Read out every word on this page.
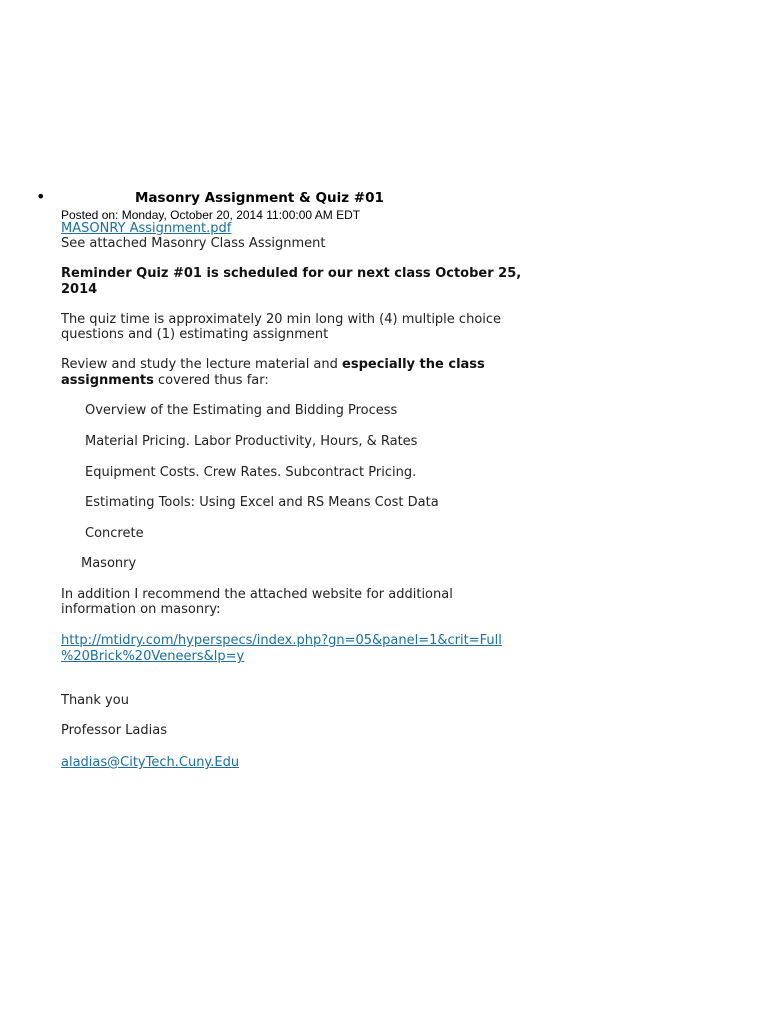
•	Masonry Assignment & Quiz #01
Posted on: Monday, October 20, 2014 11:00:00 AM EDT
MASONRY Assignment.pdf
See attached Masonry Class Assignment
Reminder Quiz #01 is scheduled for our next class October 25,
2014
The quiz time is approximately 20 min long with (4) multiple choice
questions and (1) estimating assignment
Review and study the lecture material and especially the class
assignments covered thus far:
Overview of the Estimating and Bidding Process
Material Pricing. Labor Productivity, Hours, & Rates
Equipment Costs. Crew Rates. Subcontract Pricing.
Estimating Tools: Using Excel and RS Means Cost Data
Concrete
Masonry
In addition I recommend the attached website for additional
information on masonry:
http://mtidry.com/hyperspecs/index.php?gn=05&panel=1&crit=Full
%20Brick%20Veneers&lp=y
Thank you
Professor Ladias
aladias@CityTech.Cuny.Edu
